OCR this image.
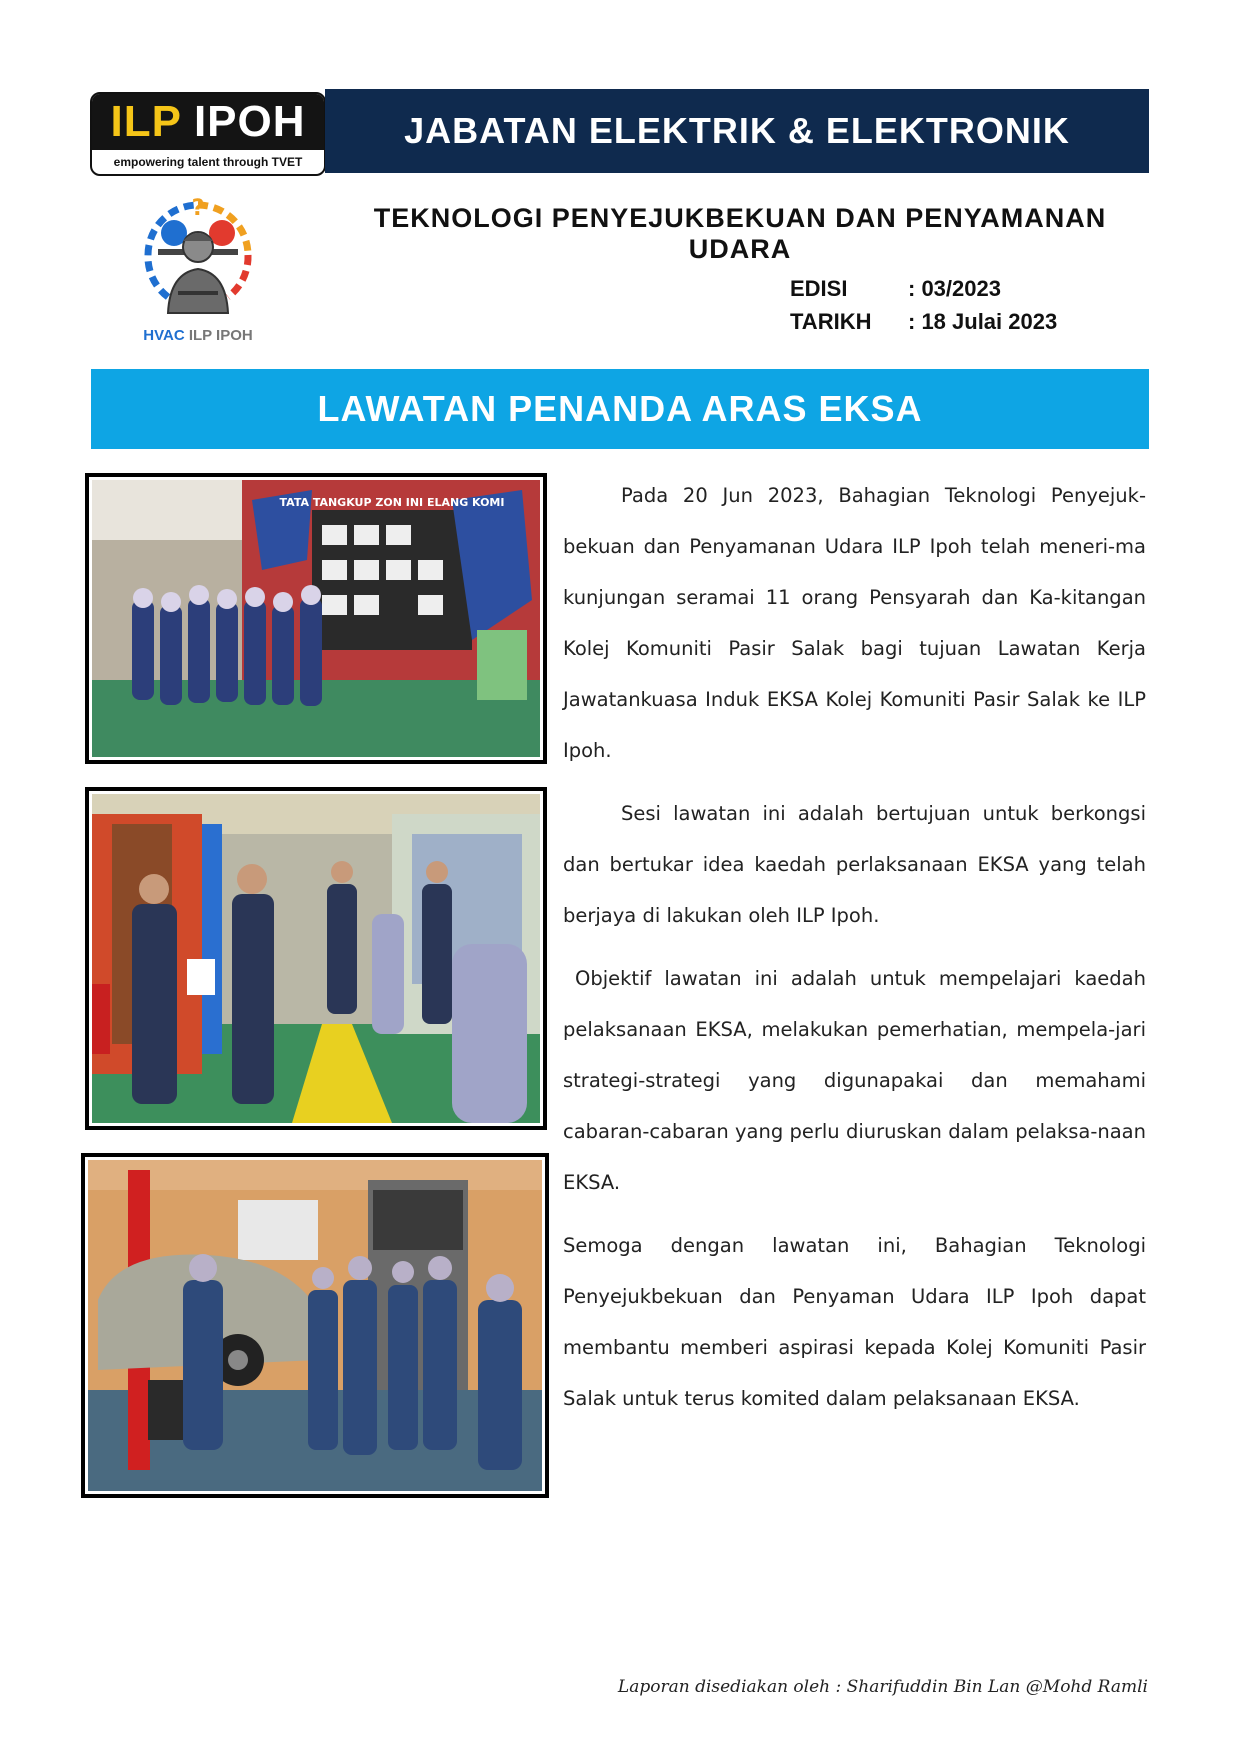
ILP IPOH
empowering talent through TVET
JABATAN ELEKTRIK & ELEKTRONIK
?
HVAC ILP IPOH
TEKNOLOGI PENYEJUKBEKUAN DAN PENYAMANAN UDARA
EDISI	: 03/2023
TARIKH	: 18 Julai 2023
LAWATAN PENANDA ARAS EKSA
TATA TANGKUP ZON INI ELANG KOMI	Pada 20 Jun 2023, Bahagian Teknologi Penyejuk-bekuan dan Penyamanan Udara ILP Ipoh telah meneri-ma kunjungan seramai 11 orang Pensyarah dan Ka-kitangan Kolej Komuniti Pasir Salak bagi tujuan Lawatan Kerja Jawatankuasa Induk EKSA Kolej Komuniti Pasir Salak ke ILP Ipoh.

Sesi lawatan ini adalah bertujuan untuk berkongsi dan bertukar idea kaedah perlaksanaan EKSA yang telah berjaya di lakukan oleh ILP Ipoh.

Objektif lawatan ini adalah untuk mempelajari kaedah pelaksanaan EKSA, melakukan pemerhatian, mempela-jari strategi-strategi yang digunapakai dan memahami cabaran-cabaran yang perlu diuruskan dalam pelaksa-naan EKSA.

Semoga dengan lawatan ini, Bahagian Teknologi Penyejukbekuan dan Penyaman Udara ILP Ipoh dapat membantu memberi aspirasi kepada Kolej Komuniti Pasir Salak untuk terus komited dalam pelaksanaan EKSA.

Laporan disediakan oleh : Sharifuddin Bin Lan @Mohd Ramli
